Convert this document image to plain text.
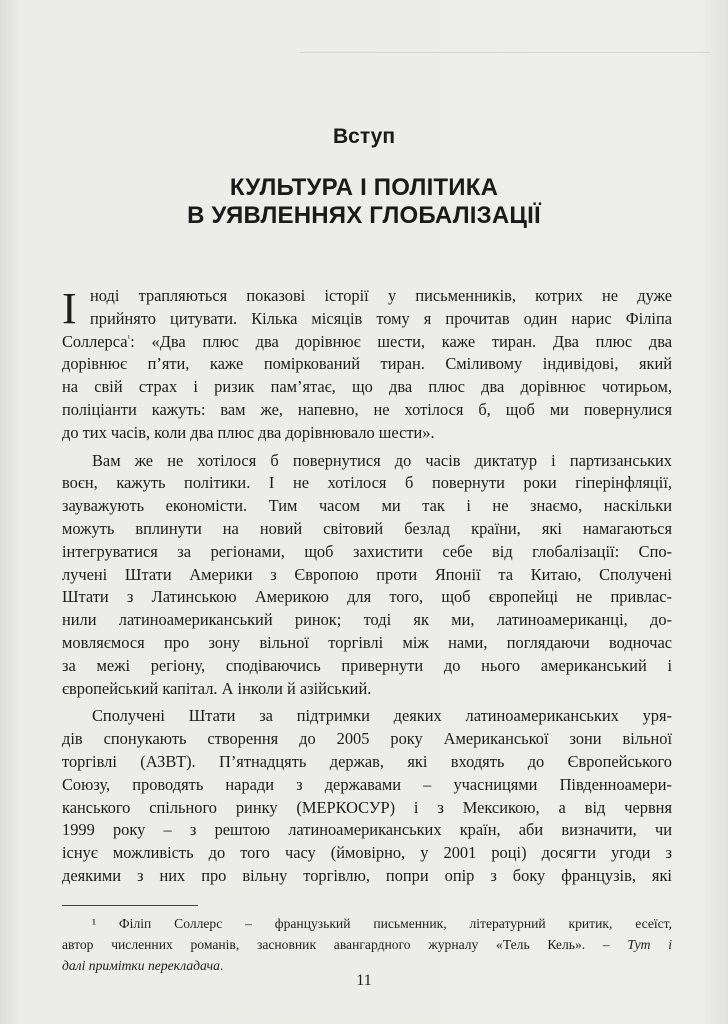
Вступ
КУЛЬТУРА І ПОЛІТИКА
В УЯВЛЕННЯХ ГЛОБАЛІЗАЦІЇ

І ноді трапляються показові історії у письменників, котрих не дуже
прийнято цитувати. Кілька місяців тому я прочитав один нарис Філіпа
Соллерса$^{^1}$: «Два плюс два дорівнює шести, каже тиран. Два плюс два
дорівнює п’яти, каже поміркований тиран. Сміливому індивідові, який
на свій страх і ризик пам’ятає, що два плюс два дорівнює чотирьом,
поліціанти кажуть: вам же, напевно, не хотілося б, щоб ми повернулися
до тих часів, коли два плюс два дорівнювало шести».

Вам же не хотілося б повернутися до часів диктатур і партизанських
воєн, кажуть політики. І не хотілося б повернути роки гіперінфляції,
зауважують економісти. Тим часом ми так і не знаємо, наскільки
можуть вплинути на новий світовий безлад країни, які намагаються
інтегруватися за регіонами, щоб захистити себе від глобалізації: Спо-
лучені Штати Америки з Європою проти Японії та Китаю, Сполучені
Штати з Латинською Америкою для того, щоб європейці не привлас-
нили латиноамериканський ринок; тоді як ми, латиноамериканці, до-
мовляємося про зону вільної торгівлі між нами, поглядаючи водночас
за межі регіону, сподіваючись привернути до нього американський і
європейський капітал. А інколи й азійський.

Сполучені Штати за підтримки деяких латиноамериканських уря-
дів спонукають створення до 2005 року Американської зони вільної
торгівлі (АЗВТ). П’ятнадцять держав, які входять до Європейського
Союзу, проводять наради з державами – учасницями Південноамери-
канського спільного ринку (МЕРКОСУР) і з Мексикою, а від червня
1999 року – з рештою латиноамериканських країн, аби визначити, чи
існує можливість до того часу (ймовірно, у 2001 році) досягти угоди з
деякими з них про вільну торгівлю, попри опір з боку французів, які

¹ Філіп Соллерс – французький письменник, літературний критик, есеїст,
автор численних романів, засновник авангардного журналу «Тель Кель». – Тут і
далі примітки перекладача.
11
